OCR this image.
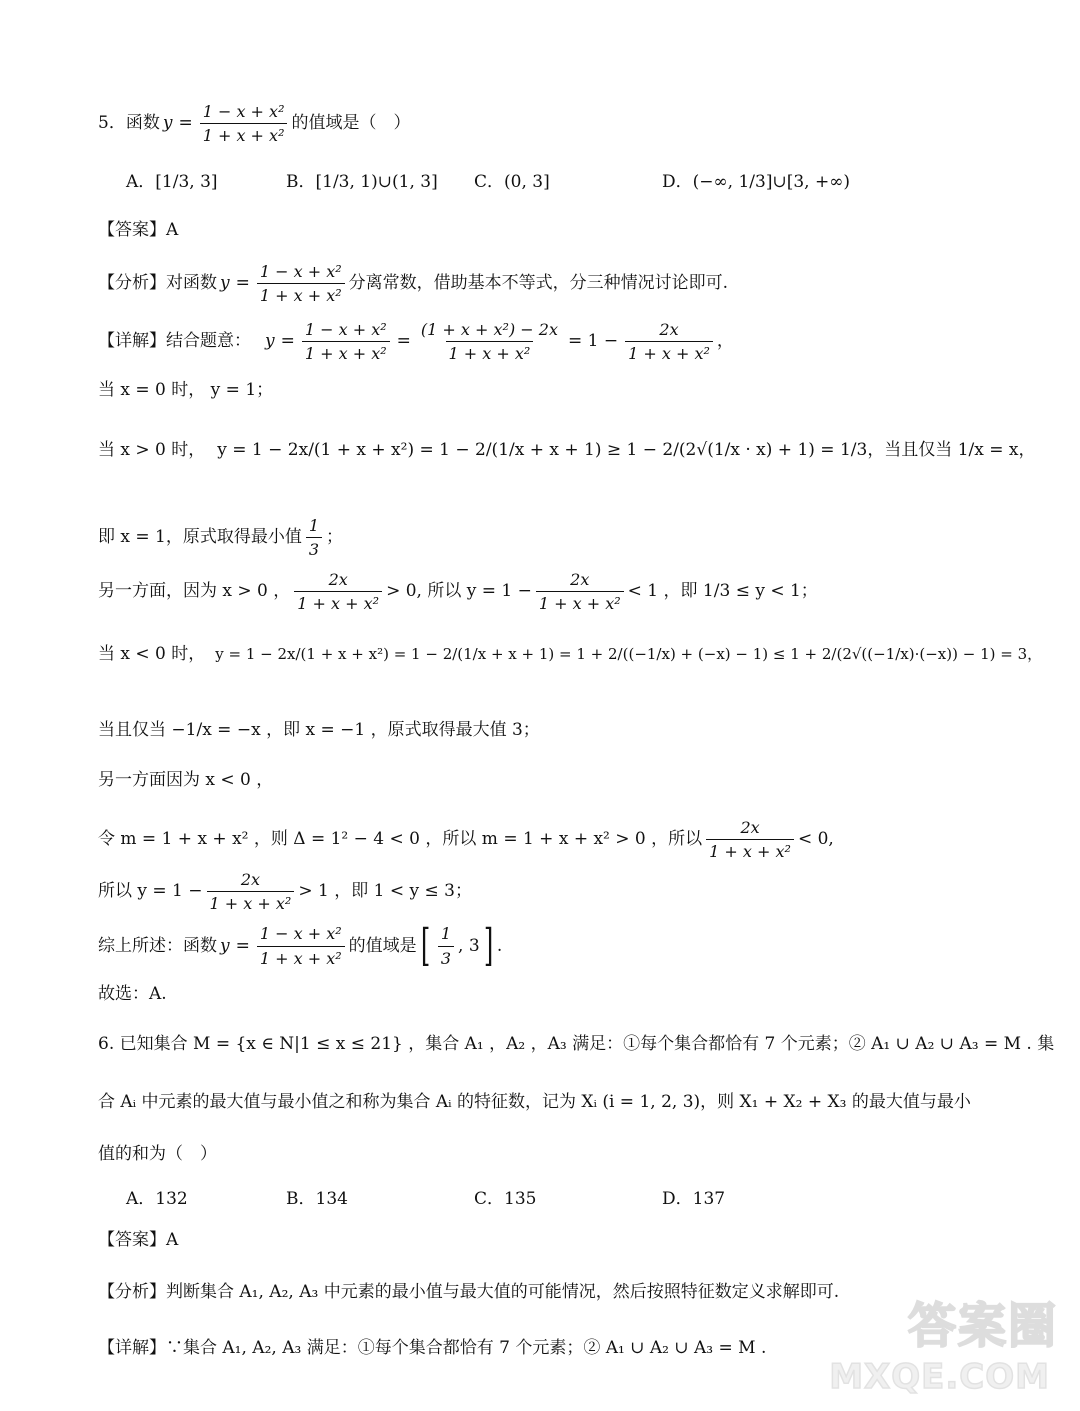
5．函数 $y = \frac{\text{1 − x + x²}}{\text{1 + x + x²}}$ 的值域是（　）
A． [1/3, 3]	B． [1/3, 1)∪(1, 3] C． (0, 3]	D． (−∞, 1/3]∪[3, +∞)
【答案】 A
【分析】 对函数 $y = \frac{\text{1 − x + x²}}{\text{1 + x + x²}}$ 分离常数，借助基本不等式，分三种情况讨论即可.
【详解】 结合题意： $y = \frac{\text{1 − x + x²}}{\text{1 + x + x²}} = \frac{\text{(1 + x + x²) − 2x}}{\text{1 + x + x²}} = 1 - \frac{2x}{\text{1 + x + x²}}$ ，
当 x = 0 时， y = 1；
当 x > 0 时， y = 1 − 2x/(1 + x + x²) = 1 − 2/(1/x + x + 1) ≥ 1 − 2/(2√(1/x · x) + 1) = 1/3 ，当且仅当 1/x = x，
即 x = 1，原式取得最小值 $\frac{1}{3}$ ；
另一方面，因为 x > 0 ， $\frac{2x}{\text{1 + x + x²}} > 0$, 所以 $y = 1 - \frac{2x}{\text{1 + x + x²}} < 1$ ，即 1/3 ≤ y < 1；
当 x < 0 时， y = 1 − 2x/(1 + x + x²) = 1 − 2/(1/x + x + 1) = 1 + 2/((−1/x) + (−x) − 1) ≤ 1 + 2/(2√((−1/x)·(−x)) − 1) = 3 ，
当且仅当 −1/x = −x ，即 x = −1 ，原式取得最大值 3；
另一方面因为 x < 0 ，
令 m = 1 + x + x² ，则 Δ = 1² − 4 < 0 ，所以 m = 1 + x + x² > 0 ，所以 $\frac{2x}{\text{1 + x + x²}} < 0$,
所以 $y = 1 - \frac{2x}{\text{1 + x + x²}} > 1$ ，即 1 < y ≤ 3；
综上所述：函数 $y = \frac{\text{1 − x + x²}}{\text{1 + x + x²}}$ 的值域是 [ $\frac{1}{3}$ , 3 ] .
故选：A.
6. 已知集合 M = {x ∈ N|1 ≤ x ≤ 21} ，集合 A₁ ，A₂ ，A₃ 满足：①每个集合都恰有 7 个元素；② A₁ ∪ A₂ ∪ A₃ = M . 集
合 Aᵢ 中元素的最大值与最小值之和称为集合 Aᵢ 的特征数，记为 Xᵢ (i = 1, 2, 3)，则 X₁ + X₂ + X₃ 的最大值与最小
值的和为（　）
A． 132	B． 134	C． 135	D． 137
【答案】 A
【分析】 判断集合 A₁, A₂, A₃ 中元素的最小值与最大值的可能情况，然后按照特征数定义求解即可.
【详解】 ∵集合 A₁, A₂, A₃ 满足：①每个集合都恰有 7 个元素；② A₁ ∪ A₂ ∪ A₃ = M .	答案圈
MXQE.COM
